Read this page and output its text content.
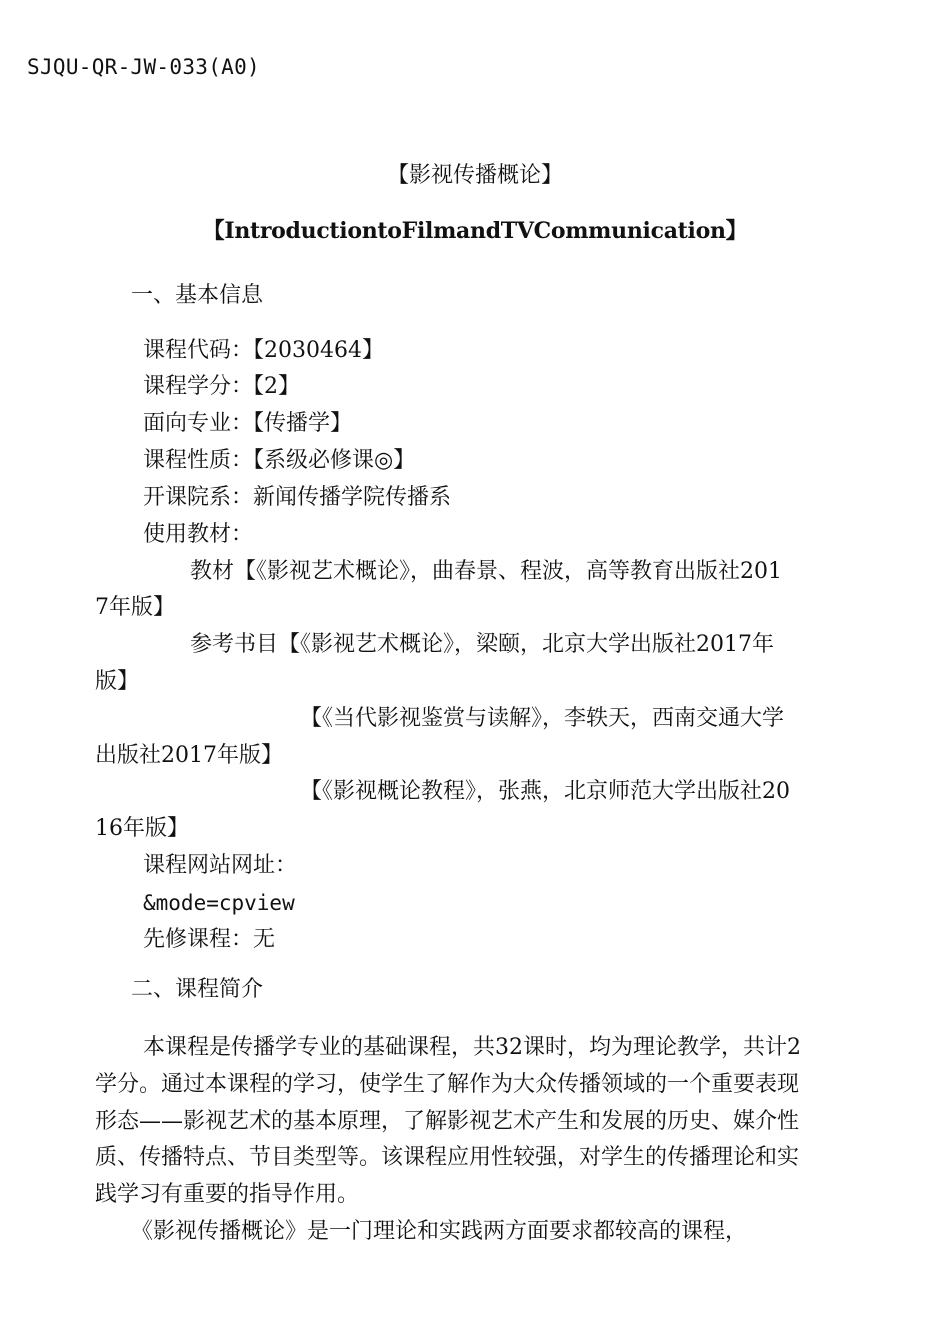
SJQU-QR-JW-033(A0)
【影视传播概论】
【IntroductiontoFilmandTVCommunication】
一、基本信息
课程代码：【2030464】
课程学分：【2】
面向专业：【传播学】
课程性质：【系级必修课◎】
开课院系：新闻传播学院传播系
使用教材：
教材【《影视艺术概论》，曲春景、程波，高等教育出版社201
7年版】
参考书目【《影视艺术概论》，梁颐，北京大学出版社2017年
版】
【《当代影视鉴赏与读解》，李轶天，西南交通大学
出版社2017年版】
【《影视概论教程》，张燕，北京师范大学出版社20
16年版】
课程网站网址：
&mode=cpview
先修课程：无
二、课程简介
本课程是传播学专业的基础课程，共32课时，均为理论教学，共计2
学分。通过本课程的学习，使学生了解作为大众传播领域的一个重要表现
形态——影视艺术的基本原理，了解影视艺术产生和发展的历史、媒介性
质、传播特点、节目类型等。该课程应用性较强，对学生的传播理论和实
践学习有重要的指导作用。
《影视传播概论》是一门理论和实践两方面要求都较高的课程，
